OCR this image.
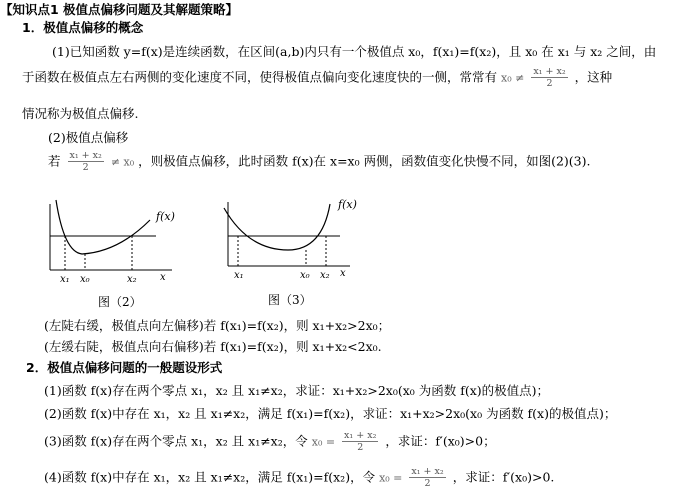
【知识点1 极值点偏移问题及其解题策略】
1．极值点偏移的概念
(1)已知函数 y=f(x)是连续函数，在区间(a,b)内只有一个极值点 x₀，f(x₁)=f(x₂)，且 x₀ 在 x₁ 与 x₂ 之间，由
于函数在极值点左右两侧的变化速度不同，使得极值点偏向变化速度快的一侧，常常有 $x_0 \ne \frac{\text{x₁ + x₂}}{2}$ ，这种
情况称为极值点偏移.
(2)极值点偏移
若 $\frac{\text{x₁ + x₂}}{2} \ne x_0$ ，则极值点偏移，此时函数 f(x)在 x=x₀ 两侧，函数值变化快慢不同，如图(2)(3).
f(x)
x₁ x₀	x₂ x
图（2）
f(x)
x₁	x₀ x₂ x
图（3）
(左陡右缓，极值点向左偏移)若 f(x₁)=f(x₂)，则 x₁+x₂>2x₀；
(左缓右陡，极值点向右偏移)若 f(x₁)=f(x₂)，则 x₁+x₂<2x₀.
2．极值点偏移问题的一般题设形式
(1)函数 f(x)存在两个零点 x₁，x₂ 且 x₁≠x₂，求证：x₁+x₂>2x₀(x₀ 为函数 f(x)的极值点)；
(2)函数 f(x)中存在 x₁，x₂ 且 x₁≠x₂，满足 f(x₁)=f(x₂)，求证：x₁+x₂>2x₀(x₀ 为函数 f(x)的极值点)；
(3)函数 f(x)存在两个零点 x₁，x₂ 且 x₁≠x₂，令 $x_0 = \frac{\text{x₁ + x₂}}{2}$ ，求证：f′(x₀)>0；
(4)函数 f(x)中存在 x₁，x₂ 且 x₁≠x₂，满足 f(x₁)=f(x₂)，令 $x_0 = \frac{\text{x₁ + x₂}}{2}$ ，求证：f′(x₀)>0.
